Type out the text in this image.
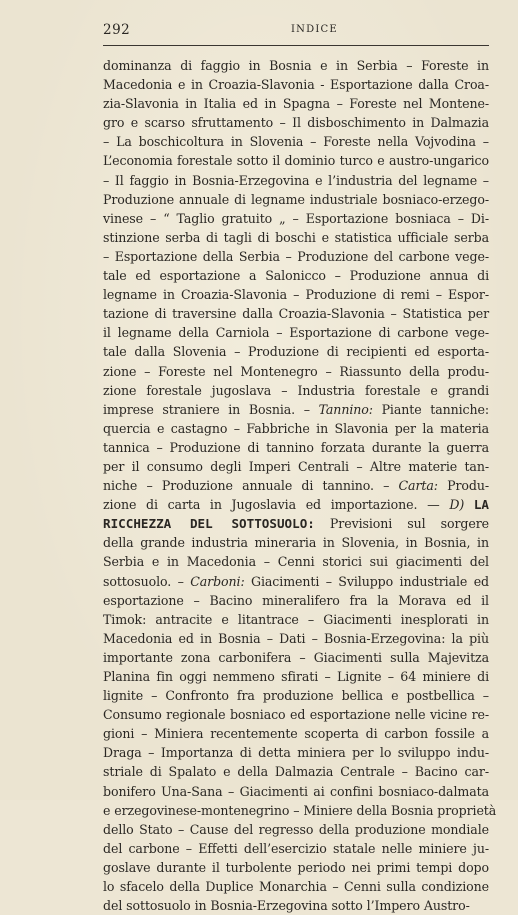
292	INDICE
dominanza di faggio in Bosnia e in Serbia – Foreste in
Macedonia e in Croazia-Slavonia - Esportazione dalla Croa-
zia-Slavonia in Italia ed in Spagna – Foreste nel Montene-
gro e scarso sfruttamento – Il disboschimento in Dalmazia
– La boschicoltura in Slovenia – Foreste nella Vojvodina –
L’economia forestale sotto il dominio turco e austro-ungarico
– Il faggio in Bosnia-Erzegovina e l’industria del legname –
Produzione annuale di legname industriale bosniaco-erzego-
vinese – “ Taglio gratuito „ – Esportazione bosniaca – Di-
stinzione serba di tagli di boschi e statistica ufficiale serba
– Esportazione della Serbia – Produzione del carbone vege-
tale ed esportazione a Salonicco – Produzione annua di
legname in Croazia-Slavonia – Produzione di remi – Espor-
tazione di traversine dalla Croazia-Slavonia – Statistica per
il legname della Carniola – Esportazione di carbone vege-
tale dalla Slovenia – Produzione di recipienti ed esporta-
zione – Foreste nel Montenegro – Riassunto della produ-
zione forestale jugoslava – Industria forestale e grandi
imprese straniere in Bosnia. – Tannino: Piante tanniche:
quercia e castagno – Fabbriche in Slavonia per la materia
tannica – Produzione di tannino forzata durante la guerra
per il consumo degli Imperi Centrali – Altre materie tan-
niche – Produzione annuale di tannino. – Carta: Produ-
zione di carta in Jugoslavia ed importazione. — D) LA
RICCHEZZA DEL SOTTOSUOLO: Previsioni sul sorgere
della grande industria mineraria in Slovenia, in Bosnia, in
Serbia e in Macedonia – Cenni storici sui giacimenti del
sottosuolo. – Carboni: Giacimenti – Sviluppo industriale ed
esportazione – Bacino mineralifero fra la Morava ed il
Timok: antracite e litantrace – Giacimenti inesplorati in
Macedonia ed in Bosnia – Dati – Bosnia-Erzegovina: la più
importante zona carbonifera – Giacimenti sulla Majevitza
Planina fin oggi nemmeno sfirati – Lignite – 64 miniere di
lignite – Confronto fra produzione bellica e postbellica –
Consumo regionale bosniaco ed esportazione nelle vicine re-
gioni – Miniera recentemente scoperta di carbon fossile a
Draga – Importanza di detta miniera per lo sviluppo indu-
striale di Spalato e della Dalmazia Centrale – Bacino car-
bonifero Una-Sana – Giacimenti ai confini bosniaco-dalmata
e erzegovinese-montenegrino – Miniere della Bosnia proprietà
dello Stato – Cause del regresso della produzione mondiale
del carbone – Effetti dell’esercizio statale nelle miniere ju-
goslave durante il turbolente periodo nei primi tempi dopo
lo sfacelo della Duplice Monarchia – Cenni sulla condizione
del sottosuolo in Bosnia-Erzegovina sotto l’Impero Austro-
